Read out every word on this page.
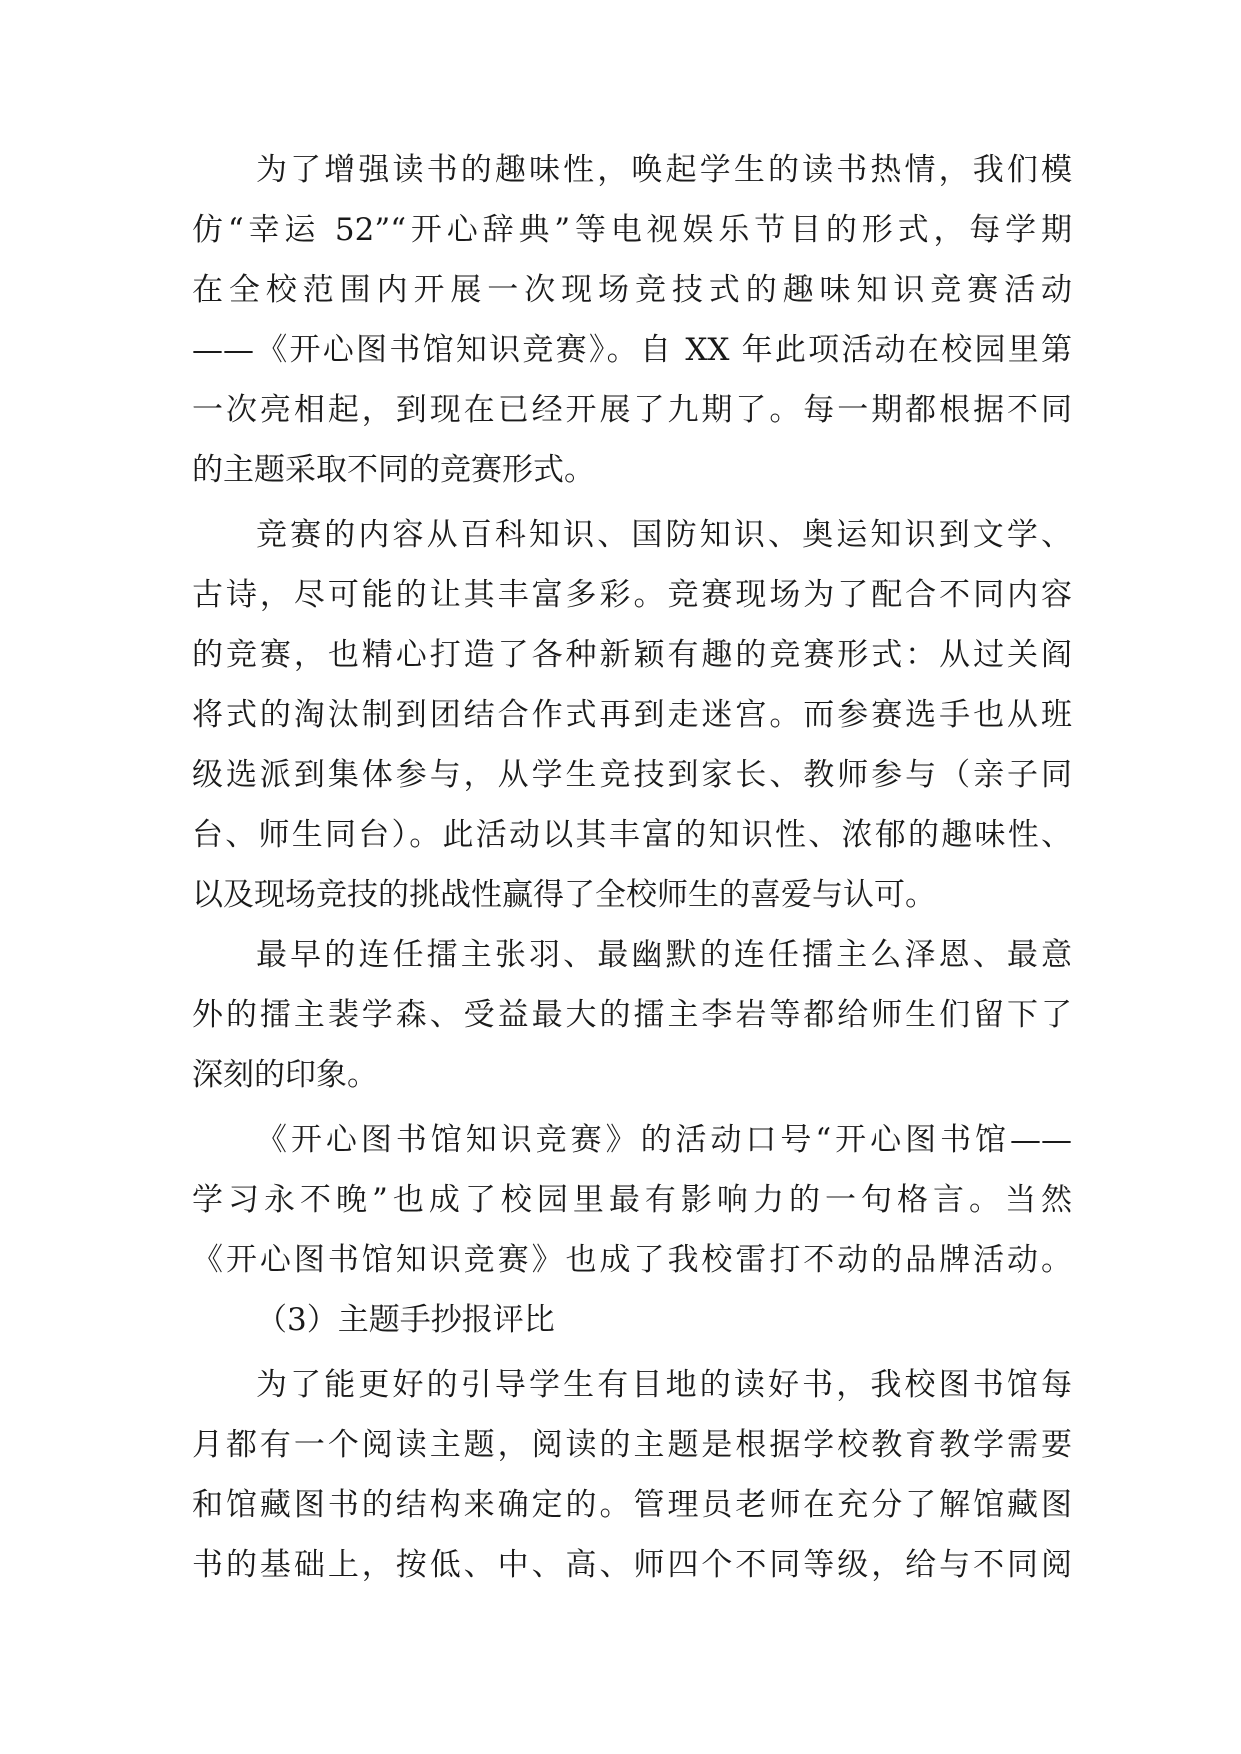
为了增强读书的趣味性，唤起学生的读书热情，我们模
仿“幸运 52”“开心辞典”等电视娱乐节目的形式，每学期
在全校范围内开展一次现场竞技式的趣味知识竞赛活动
——《开心图书馆知识竞赛》。自 XX 年此项活动在校园里第
一次亮相起，到现在已经开展了九期了。每一期都根据不同
的主题采取不同的竞赛形式。
竞赛的内容从百科知识、国防知识、奥运知识到文学、
古诗，尽可能的让其丰富多彩。竞赛现场为了配合不同内容
的竞赛，也精心打造了各种新颖有趣的竞赛形式：从过关阎
将式的淘汰制到团结合作式再到走迷宫。而参赛选手也从班
级选派到集体参与，从学生竞技到家长、教师参与（亲子同
台、师生同台）。此活动以其丰富的知识性、浓郁的趣味性、
以及现场竞技的挑战性赢得了全校师生的喜爱与认可。
最早的连任擂主张羽、最幽默的连任擂主么泽恩、最意
外的擂主裴学森、受益最大的擂主李岩等都给师生们留下了
深刻的印象。
《开心图书馆知识竞赛》的活动口号“开心图书馆——
学习永不晚”也成了校园里最有影响力的一句格言。当然
《开心图书馆知识竞赛》也成了我校雷打不动的品牌活动。
（3）主题手抄报评比
为了能更好的引导学生有目地的读好书，我校图书馆每
月都有一个阅读主题，阅读的主题是根据学校教育教学需要
和馆藏图书的结构来确定的。管理员老师在充分了解馆藏图
书的基础上，按低、中、高、师四个不同等级，给与不同阅
